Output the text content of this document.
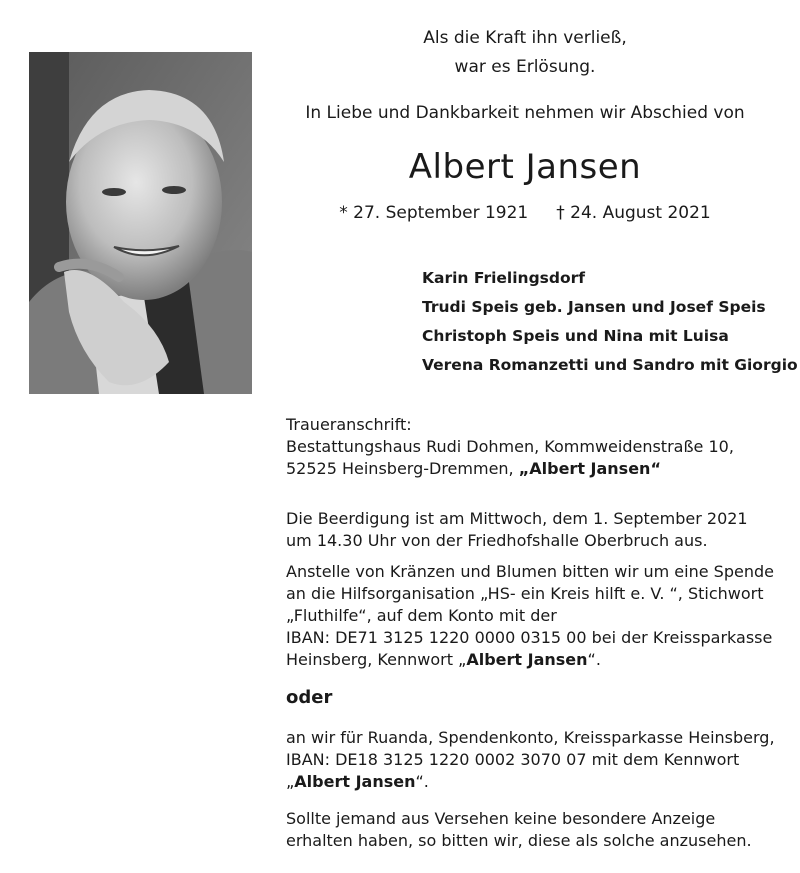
Als die Kraft ihn verließ,
war es Erlösung.
In Liebe und Dankbarkeit nehmen wir Abschied von
Albert Jansen
* 27. September 1921 † 24. August 2021
Karin Frielingsdorf
Trudi Speis geb. Jansen und Josef Speis
Christoph Speis und Nina mit Luisa
Verena Romanzetti und Sandro mit Giorgio
Traueranschrift:
Bestattungshaus Rudi Dohmen, Kommweidenstraße 10,
52525 Heinsberg-Dremmen, „Albert Jansen“
Die Beerdigung ist am Mittwoch, dem 1. September 2021
um 14.30 Uhr von der Friedhofshalle Oberbruch aus.
Anstelle von Kränzen und Blumen bitten wir um eine Spende
an die Hilfsorganisation „HS- ein Kreis hilft e. V. “, Stichwort
„Fluthilfe“, auf dem Konto mit der
IBAN: DE71 3125 1220 0000 0315 00 bei der Kreissparkasse
Heinsberg, Kennwort „Albert Jansen“.
oder
an wir für Ruanda, Spendenkonto, Kreissparkasse Heinsberg,
IBAN: DE18 3125 1220 0002 3070 07 mit dem Kennwort
„Albert Jansen“.
Sollte jemand aus Versehen keine besondere Anzeige
erhalten haben, so bitten wir, diese als solche anzusehen.
